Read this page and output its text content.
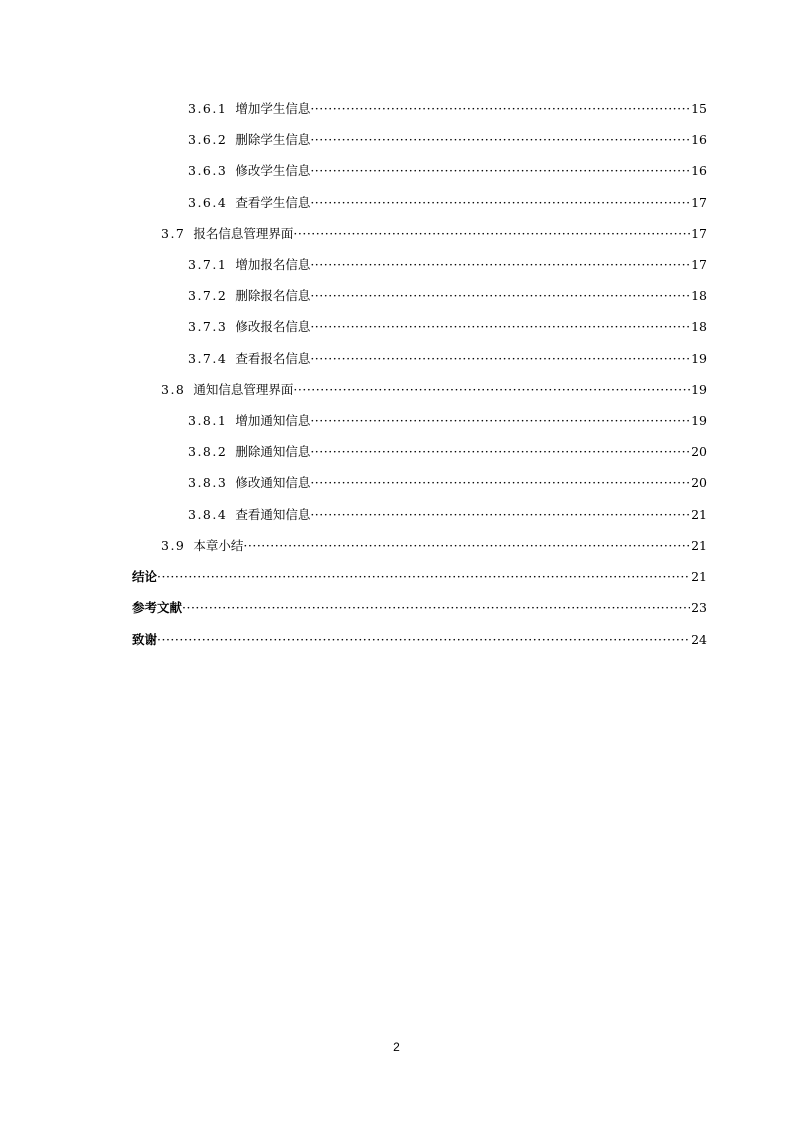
3.6.1 增加学生信息 ·····	15
3.6.2 删除学生信息 ·····	16
3.6.3 修改学生信息 ·····	16
3.6.4 查看学生信息 ·····	17
3.7 报名信息管理界面 ·····	17
3.7.1 增加报名信息 ·····	17
3.7.2 删除报名信息 ·····	18
3.7.3 修改报名信息 ·····	18
3.7.4 查看报名信息 ·····	19
3.8 通知信息管理界面 ·····	19
3.8.1 增加通知信息 ·····	19
3.8.2 删除通知信息 ·····	20
3.8.3 修改通知信息 ·····	20
3.8.4 查看通知信息 ·····	21
3.9 本章小结 ·····	21
结论 ·····	21
参考文献 ·····	23
致谢 ·····	24
2
